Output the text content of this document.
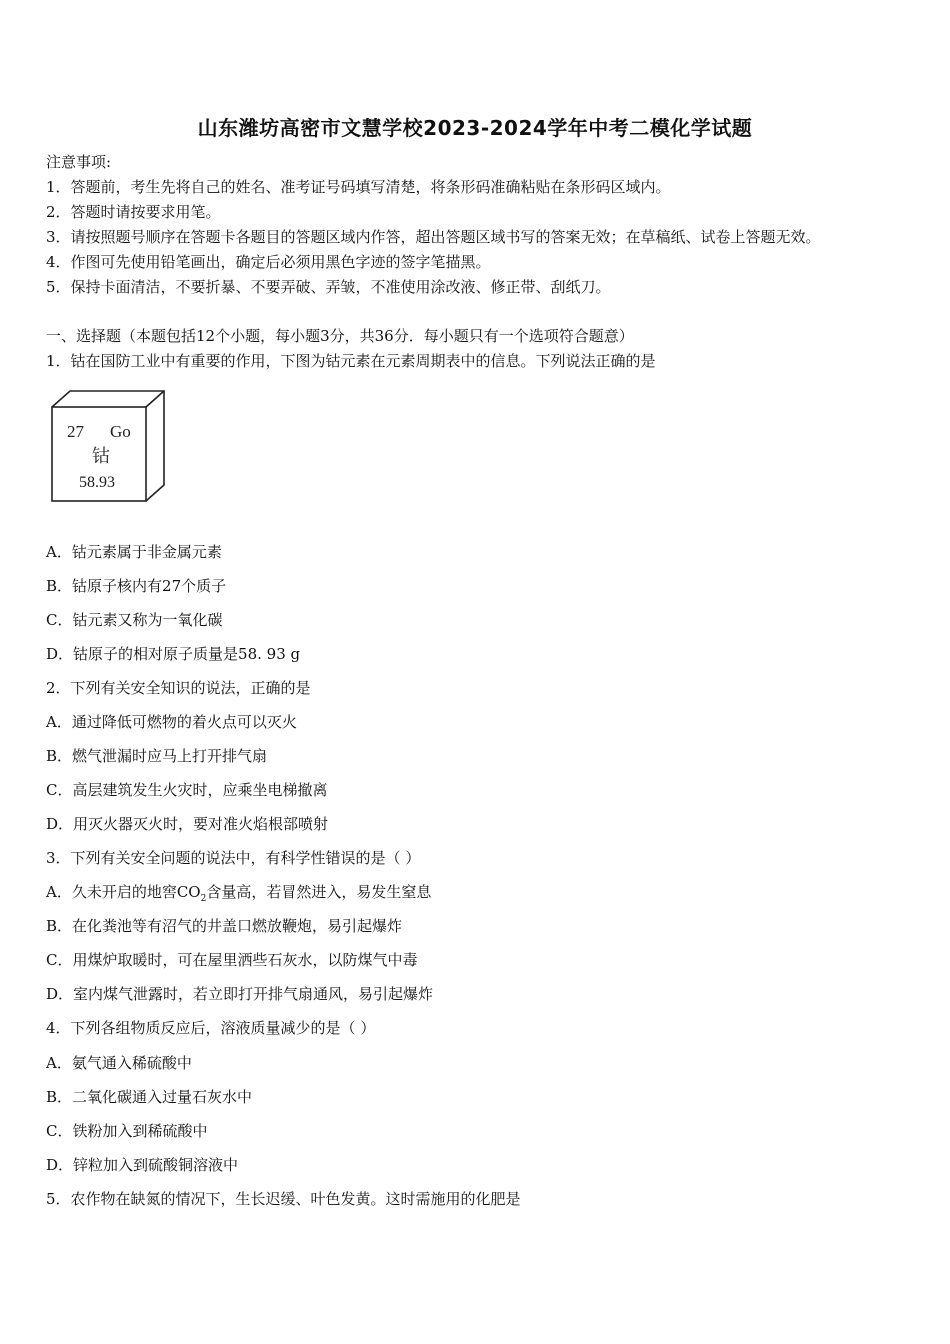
山东潍坊高密市文慧学校2023-2024学年中考二模化学试题
注意事项:
1．答题前，考生先将自己的姓名、准考证号码填写清楚，将条形码准确粘贴在条形码区域内。
2．答题时请按要求用笔。
3．请按照题号顺序在答题卡各题目的答题区域内作答，超出答题区域书写的答案无效；在草稿纸、试卷上答题无效。
4．作图可先使用铅笔画出，确定后必须用黑色字迹的签字笔描黑。
5．保持卡面清洁，不要折暴、不要弄破、弄皱，不准使用涂改液、修正带、刮纸刀。
一、选择题（本题包括12个小题，每小题3分，共36分．每小题只有一个选项符合题意）
1．钴在国防工业中有重要的作用，下图为钴元素在元素周期表中的信息。下列说法正确的是
27 Go
钴
58.93
A．钴元素属于非金属元素
B．钴原子核内有27个质子
C．钴元素又称为一氧化碳
D．钴原子的相对原子质量是58. 93 g
2．下列有关安全知识的说法，正确的是
A．通过降低可燃物的着火点可以灭火
B．燃气泄漏时应马上打开排气扇
C．高层建筑发生火灾时，应乘坐电梯撤离
D．用灭火器灭火时，要对准火焰根部喷射
3．下列有关安全问题的说法中，有科学性错误的是（ ）
A．久未开启的地窖$CO_2$含量高，若冒然进入，易发生窒息
B．在化粪池等有沼气的井盖口燃放鞭炮，易引起爆炸
C．用煤炉取暖时，可在屋里洒些石灰水，以防煤气中毒
D．室内煤气泄露时，若立即打开排气扇通风，易引起爆炸
4．下列各组物质反应后，溶液质量减少的是（ ）
A．氨气通入稀硫酸中
B．二氧化碳通入过量石灰水中
C．铁粉加入到稀硫酸中
D．锌粒加入到硫酸铜溶液中
5．农作物在缺氮的情况下，生长迟缓、叶色发黄。这时需施用的化肥是
